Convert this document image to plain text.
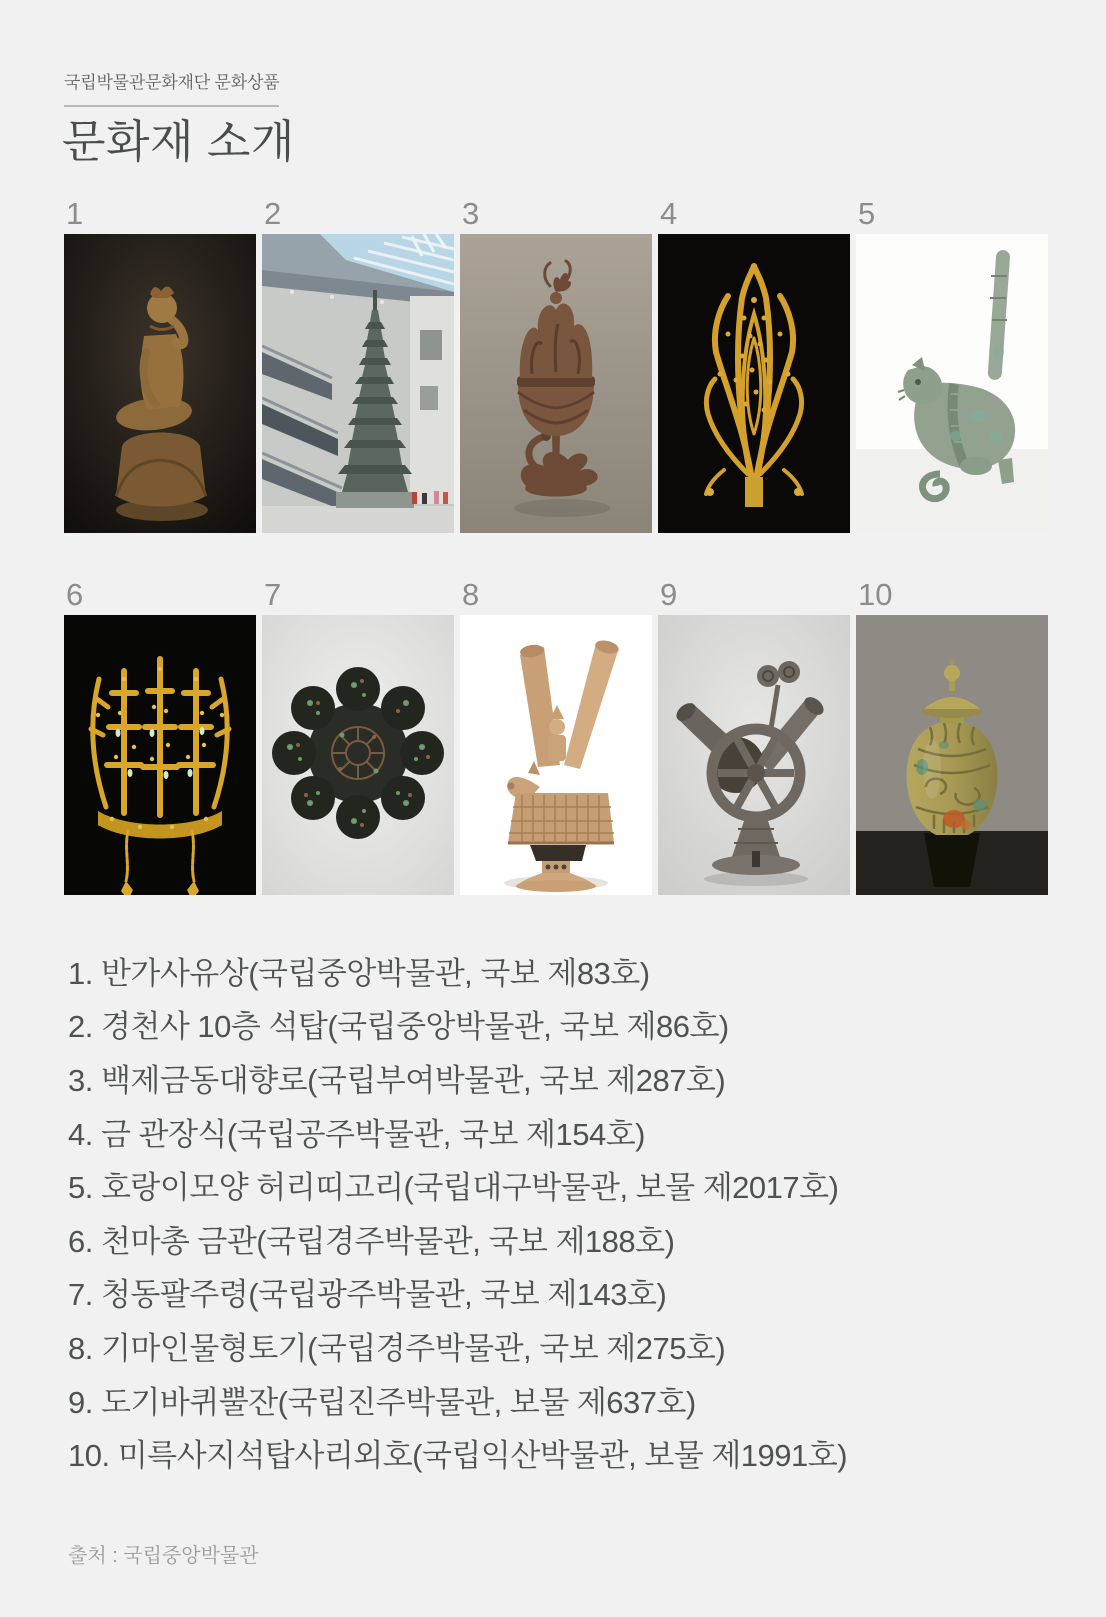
국립박물관문화재단 문화상품
문화재 소개
1	2	3	4	5
6	7	8	9	10
1. 반가사유상(국립중앙박물관, 국보 제83호)
2. 경천사 10층 석탑(국립중앙박물관, 국보 제86호)
3. 백제금동대향로(국립부여박물관, 국보 제287호)
4. 금 관장식(국립공주박물관, 국보 제154호)
5. 호랑이모양 허리띠고리(국립대구박물관, 보물 제2017호)
6. 천마총 금관(국립경주박물관, 국보 제188호)
7. 청동팔주령(국립광주박물관, 국보 제143호)
8. 기마인물형토기(국립경주박물관, 국보 제275호)
9. 도기바퀴뿔잔(국립진주박물관, 보물 제637호)
10. 미륵사지석탑사리외호(국립익산박물관, 보물 제1991호)
출처 : 국립중앙박물관
